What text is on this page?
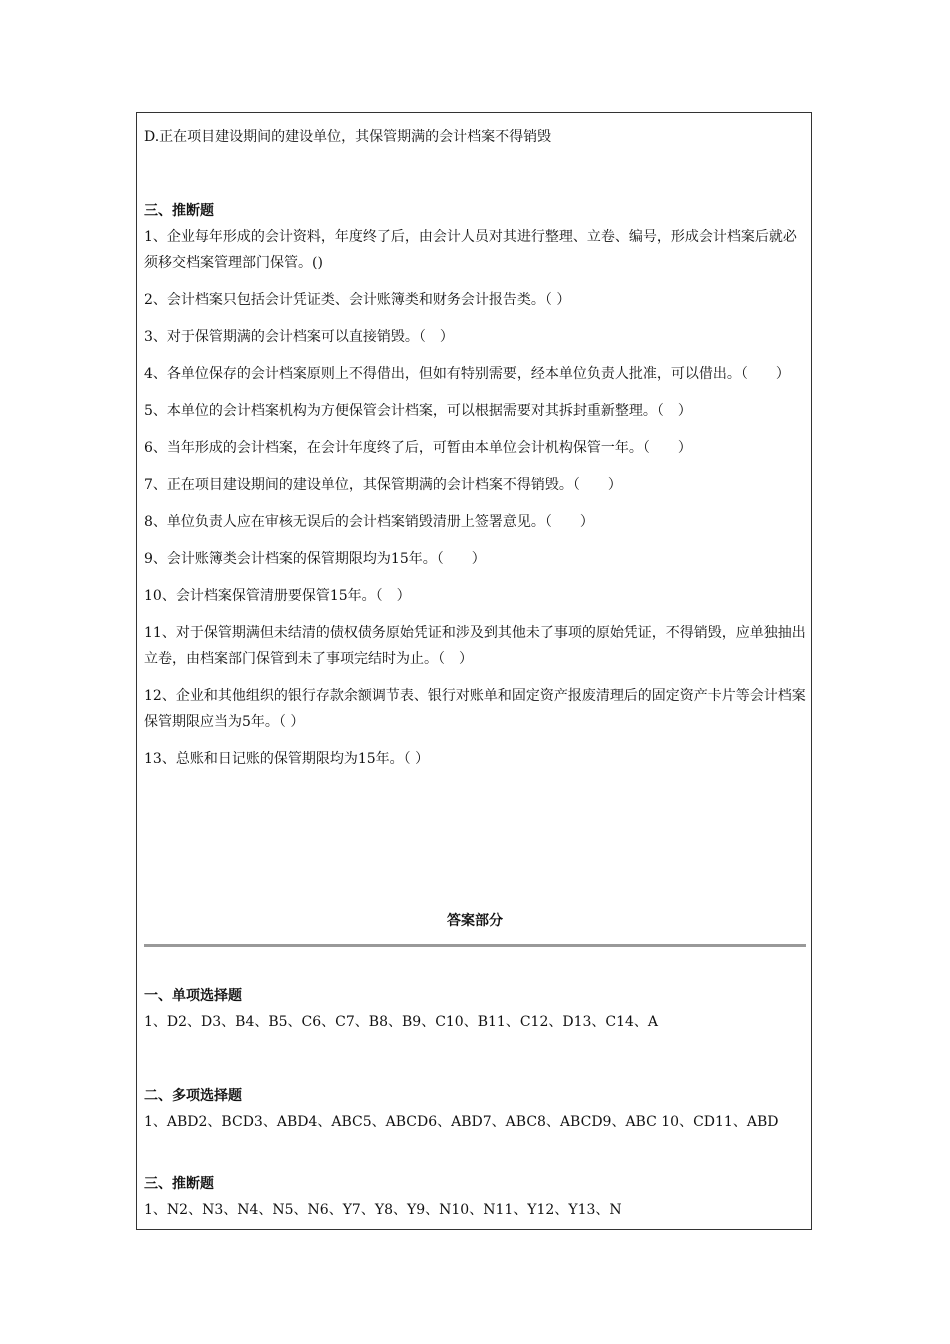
D.正在项目建设期间的建设单位，其保管期满的会计档案不得销毁

三、推断题

1、企业每年形成的会计资料，年度终了后，由会计人员对其进行整理、立卷、编号，形成会计档案后就必须移交档案管理部门保管。()

2、会计档案只包括会计凭证类、会计账簿类和财务会计报告类。（ ）

3、对于保管期满的会计档案可以直接销毁。（　）

4、各单位保存的会计档案原则上不得借出，但如有特别需要，经本单位负责人批准，可以借出。（　　）

5、本单位的会计档案机构为方便保管会计档案，可以根据需要对其拆封重新整理。（　）

6、当年形成的会计档案，在会计年度终了后，可暂由本单位会计机构保管一年。（　　）

7、正在项目建设期间的建设单位，其保管期满的会计档案不得销毁。（　　）

8、单位负责人应在审核无误后的会计档案销毁清册上签署意见。（　　）

9、会计账簿类会计档案的保管期限均为15年。（　　）

10、会计档案保管清册要保管15年。（　）

11、对于保管期满但未结清的债权债务原始凭证和涉及到其他未了事项的原始凭证，不得销毁，应单独抽出立卷，由档案部门保管到未了事项完结时为止。（　）

12、企业和其他组织的银行存款余额调节表、银行对账单和固定资产报废清理后的固定资产卡片等会计档案保管期限应当为5年。（ ）

13、总账和日记账的保管期限均为15年。（ ）

答案部分

一、单项选择题

1、D2、D3、B4、B5、C6、C7、B8、B9、C10、B11、C12、D13、C14、A

二、多项选择题

1、ABD2、BCD3、ABD4、ABC5、ABCD6、ABD7、ABC8、ABCD9、ABC 10、CD11、ABD

三、推断题

1、N2、N3、N4、N5、N6、Y7、Y8、Y9、N10、N11、Y12、Y13、N
